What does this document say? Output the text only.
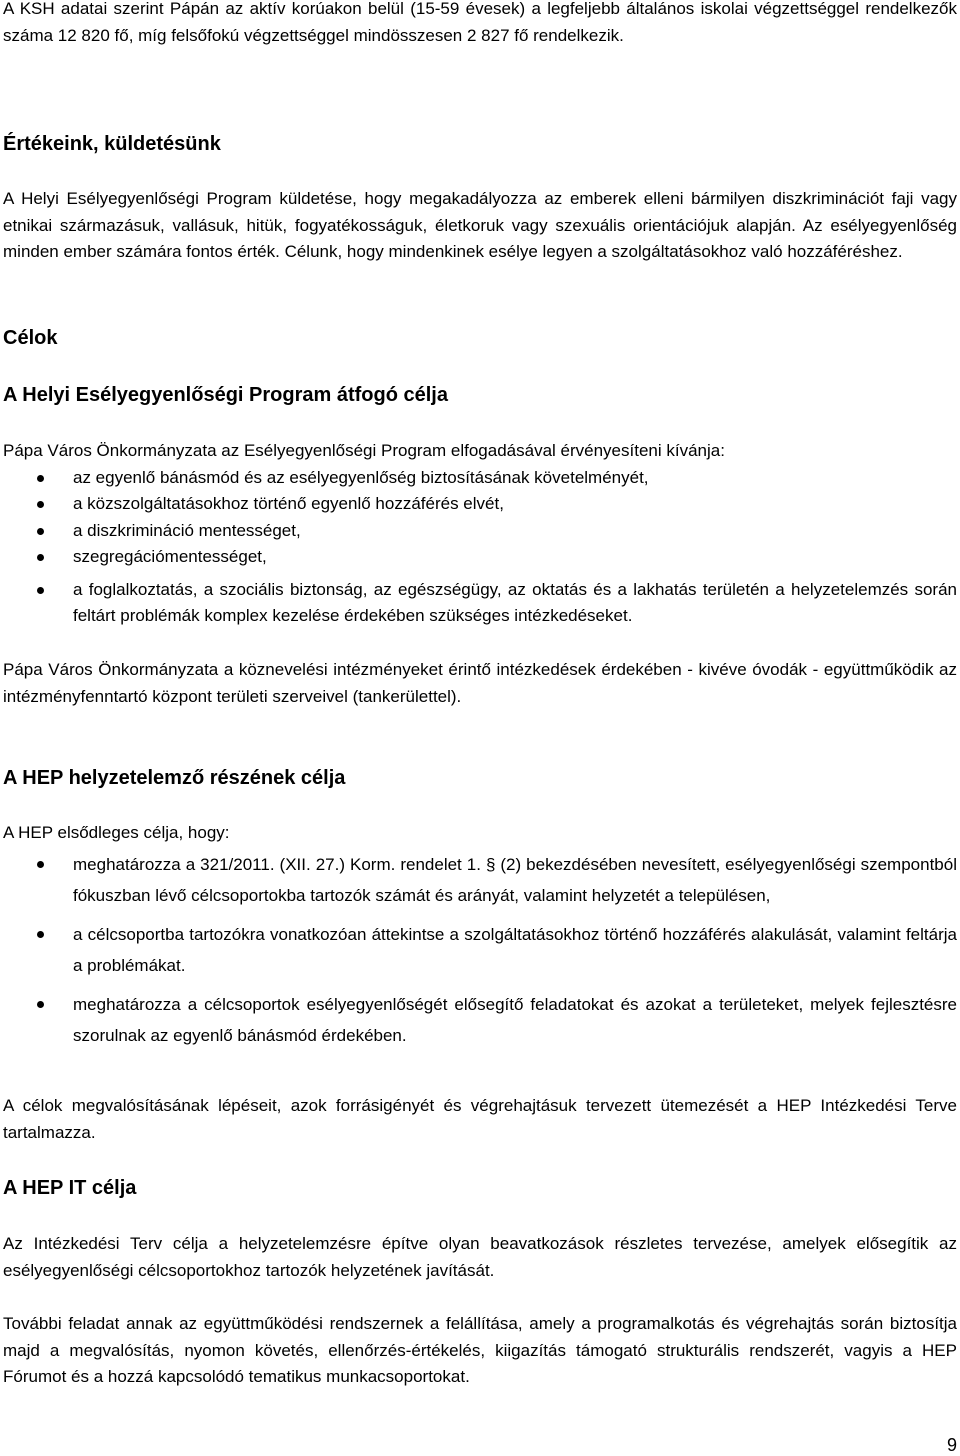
A KSH adatai szerint Pápán az aktív korúakon belül (15-59 évesek) a legfeljebb általános iskolai végzettséggel rendelkezők száma 12 820 fő, míg felsőfokú végzettséggel mindösszesen 2 827 fő rendelkezik.

Értékeink, küldetésünk

A Helyi Esélyegyenlőségi Program küldetése, hogy megakadályozza az emberek elleni bármilyen diszkriminációt faji vagy etnikai származásuk, vallásuk, hitük, fogyatékosságuk, életkoruk vagy szexuális orientációjuk alapján. Az esélyegyenlőség minden ember számára fontos érték. Célunk, hogy mindenkinek esélye legyen a szolgáltatásokhoz való hozzáféréshez.

Célok
A Helyi Esélyegyenlőségi Program átfogó célja

Pápa Város Önkormányzata az Esélyegyenlőségi Program elfogadásával érvényesíteni kívánja:

az egyenlő bánásmód és az esélyegyenlőség biztosításának követelményét,
a közszolgáltatásokhoz történő egyenlő hozzáférés elvét,
a diszkrimináció mentességet,
szegregációmentességet,
a foglalkoztatás, a szociális biztonság, az egészségügy, az oktatás és a lakhatás területén a helyzetelemzés során feltárt problémák komplex kezelése érdekében szükséges intézkedéseket.

Pápa Város Önkormányzata a köznevelési intézményeket érintő intézkedések érdekében - kivéve óvodák - együttműködik az intézményfenntartó központ területi szerveivel (tankerülettel).

A HEP helyzetelemző részének célja

A HEP elsődleges célja, hogy:

meghatározza a 321/2011. (XII. 27.) Korm. rendelet 1. § (2) bekezdésében nevesített, esélyegyenlőségi szempontból fókuszban lévő célcsoportokba tartozók számát és arányát, valamint helyzetét a településen,
a célcsoportba tartozókra vonatkozóan áttekintse a szolgáltatásokhoz történő hozzáférés alakulását, valamint feltárja a problémákat.
meghatározza a célcsoportok esélyegyenlőségét elősegítő feladatokat és azokat a területeket, melyek fejlesztésre szorulnak az egyenlő bánásmód érdekében.

A célok megvalósításának lépéseit, azok forrásigényét és végrehajtásuk tervezett ütemezését a HEP Intézkedési Terve tartalmazza.

A HEP IT célja

Az Intézkedési Terv célja a helyzetelemzésre építve olyan beavatkozások részletes tervezése, amelyek elősegítik az esélyegyenlőségi célcsoportokhoz tartozók helyzetének javítását.

További feladat annak az együttműködési rendszernek a felállítása, amely a programalkotás és végrehajtás során biztosítja majd a megvalósítás, nyomon követés, ellenőrzés-értékelés, kiigazítás támogató strukturális rendszerét, vagyis a HEP Fórumot és a hozzá kapcsolódó tematikus munkacsoportokat.

9
